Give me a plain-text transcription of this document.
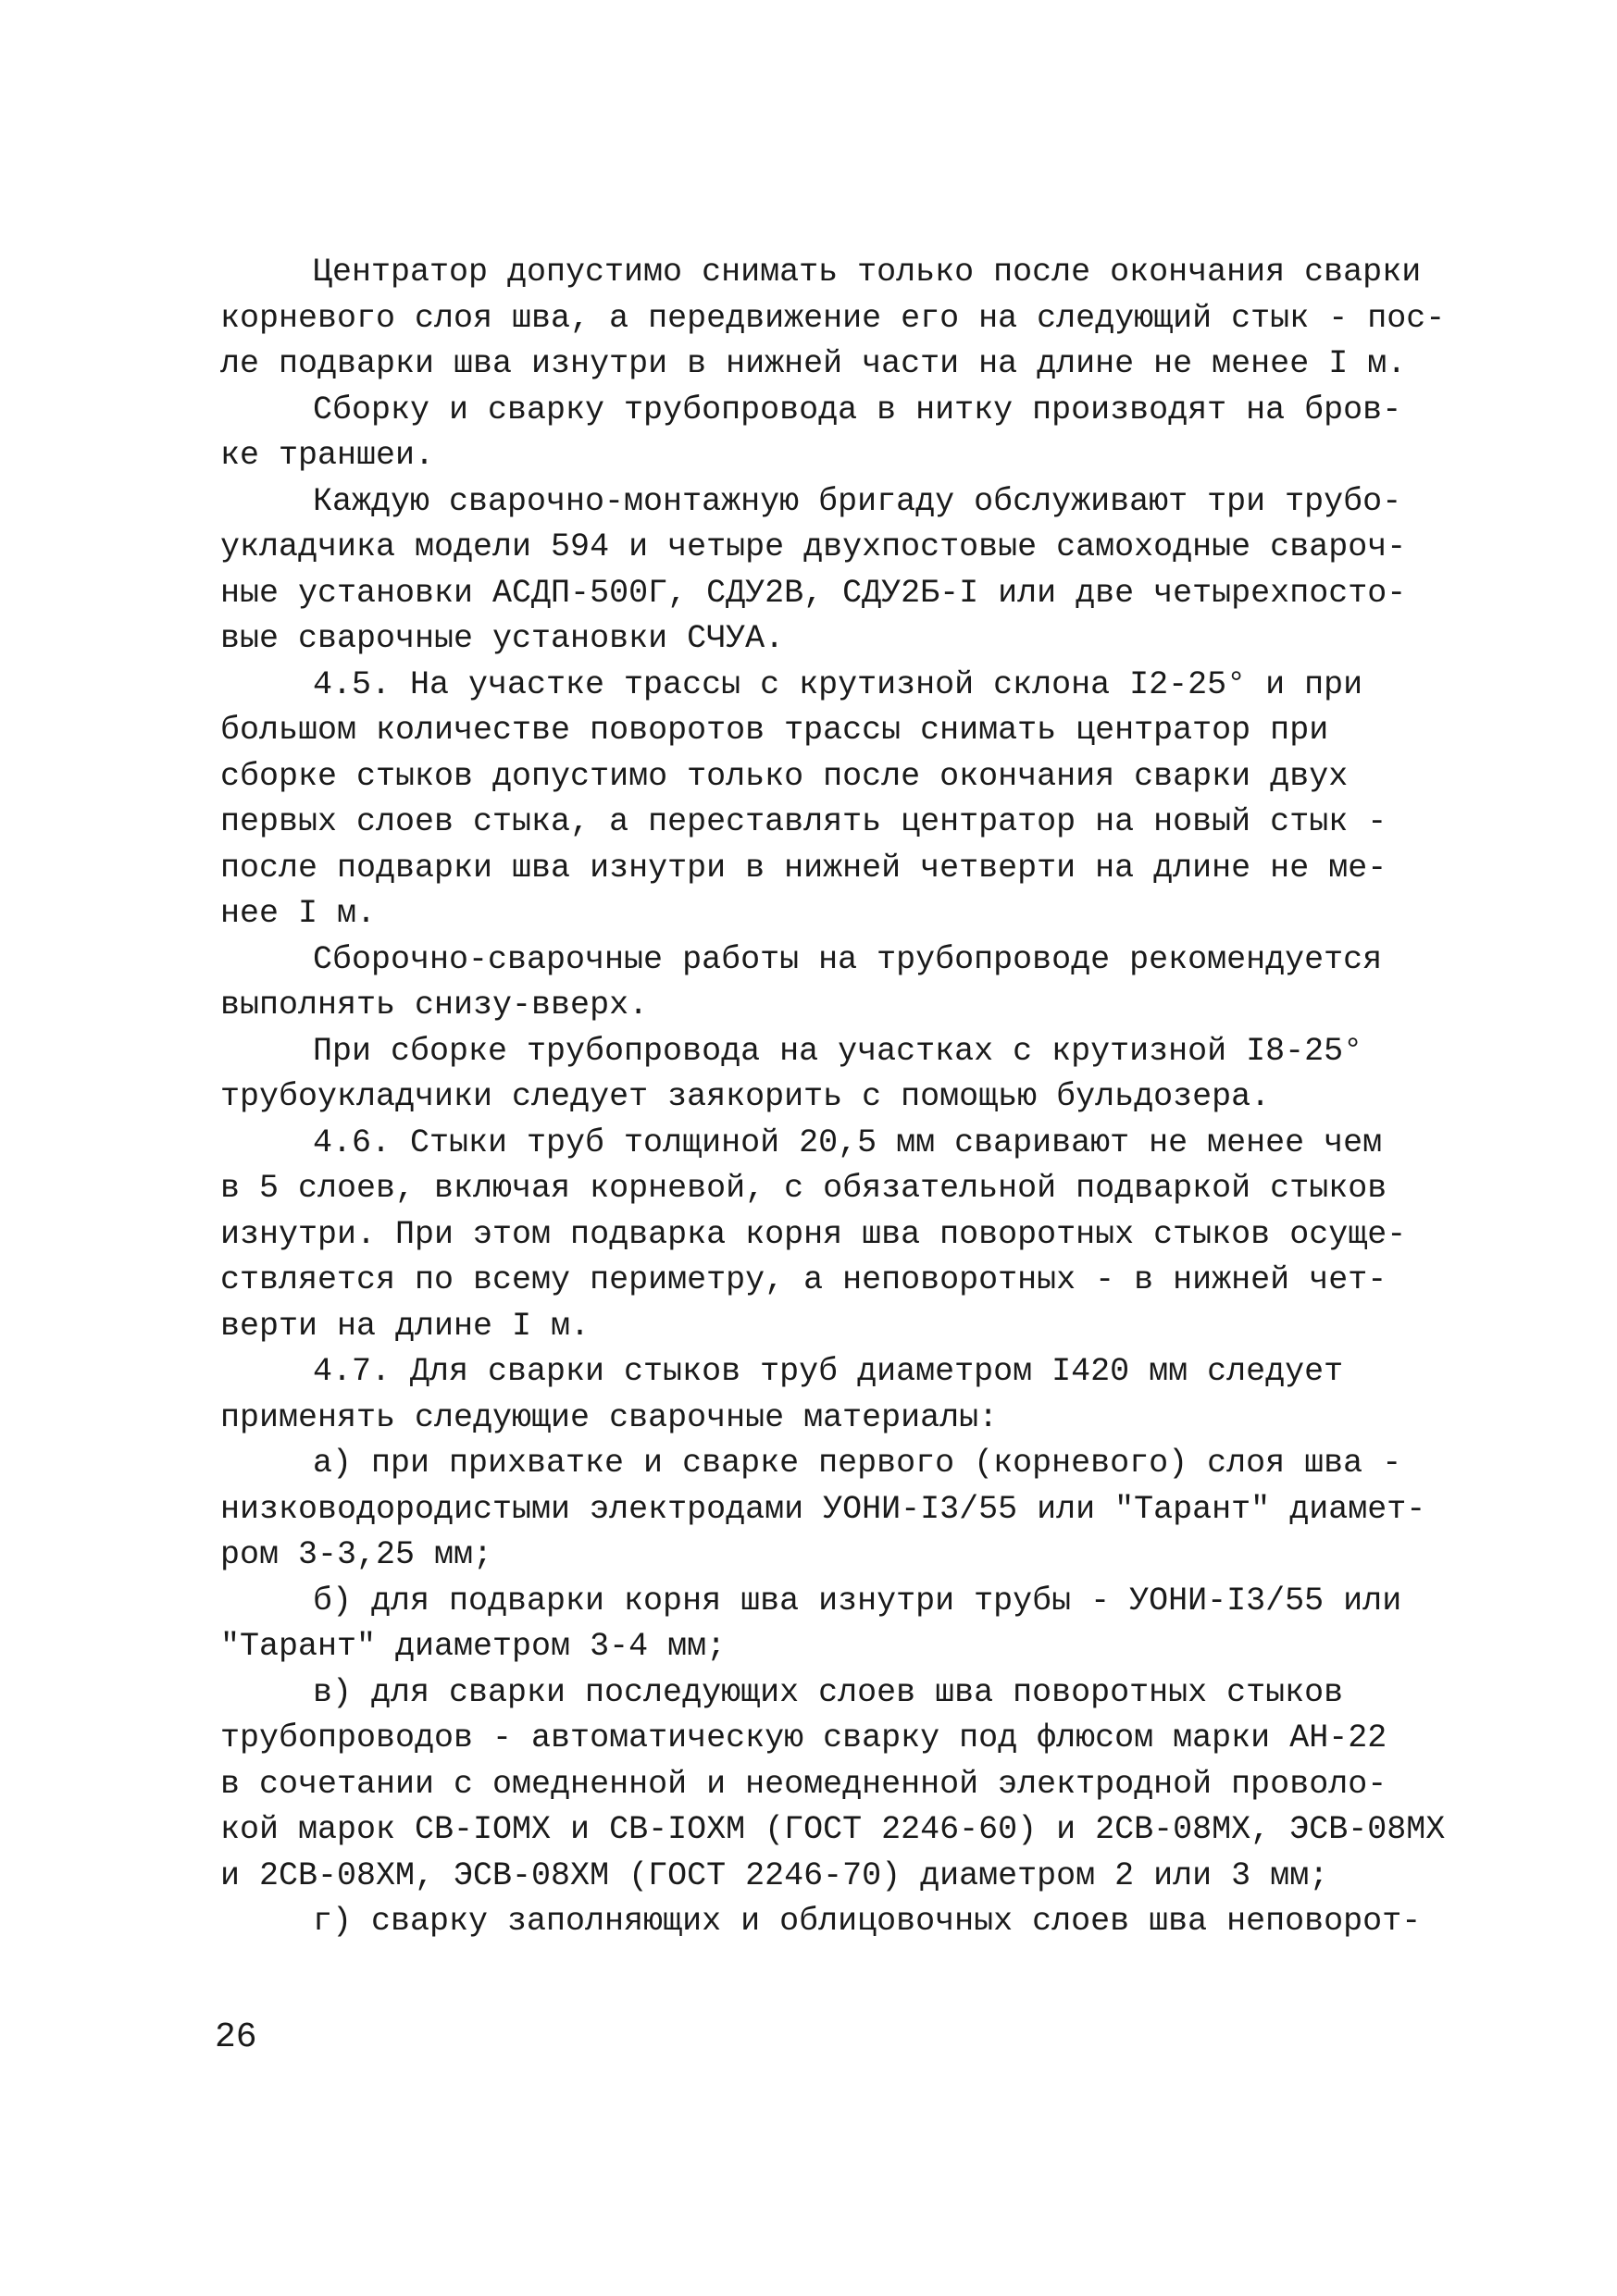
Центратор допустимо снимать только после окончания сварки
корневого слоя шва, а передвижение его на следующий стык - пос-
ле подварки шва изнутри в нижней части на длине не менее I м.
Сборку и сварку трубопровода в нитку производят на бров-
ке траншеи.
Каждую сварочно-монтажную бригаду обслуживают три трубо-
укладчика модели 594 и четыре двухпостовые самоходные свароч-
ные установки АСДП-500Г, СДУ2В, СДУ2Б-I или две четырехпосто-
вые сварочные установки СЧУА.
4.5. На участке трассы с крутизной склона I2-25° и при
большом количестве поворотов трассы снимать центратор при
сборке стыков допустимо только после окончания сварки двух
первых слоев стыка, а переставлять центратор на новый стык -
после подварки шва изнутри в нижней четверти на длине не ме-
нее I м.
Сборочно-сварочные работы на трубопроводе рекомендуется
выполнять снизу-вверх.
При сборке трубопровода на участках с крутизной I8-25°
трубоукладчики следует заякорить с помощью бульдозера.
4.6. Стыки труб толщиной 20,5 мм сваривают не менее чем
в 5 слоев, включая корневой, с обязательной подваркой стыков
изнутри. При этом подварка корня шва поворотных стыков осуще-
ствляется по всему периметру, а неповоротных - в нижней чет-
верти на длине I м.
4.7. Для сварки стыков труб диаметром I420 мм следует
применять следующие сварочные материалы:
а) при прихватке и сварке первого (корневого) слоя шва -
низководородистыми электродами УОНИ-I3/55 или "Тарант" диамет-
ром 3-3,25 мм;
б) для подварки корня шва изнутри трубы - УОНИ-I3/55 или
"Тарант" диаметром 3-4 мм;
в) для сварки последующих слоев шва поворотных стыков
трубопроводов - автоматическую сварку под флюсом марки АН-22
в сочетании с омедненной и неомедненной электродной проволо-
кой марок СВ-IОМХ и СВ-IОХМ (ГОСТ 2246-60) и 2СВ-08МХ, ЭСВ-08МХ
и 2СВ-08ХМ, ЭСВ-08ХМ (ГОСТ 2246-70) диаметром 2 или 3 мм;
г) сварку заполняющих и облицовочных слоев шва неповорот-
26
